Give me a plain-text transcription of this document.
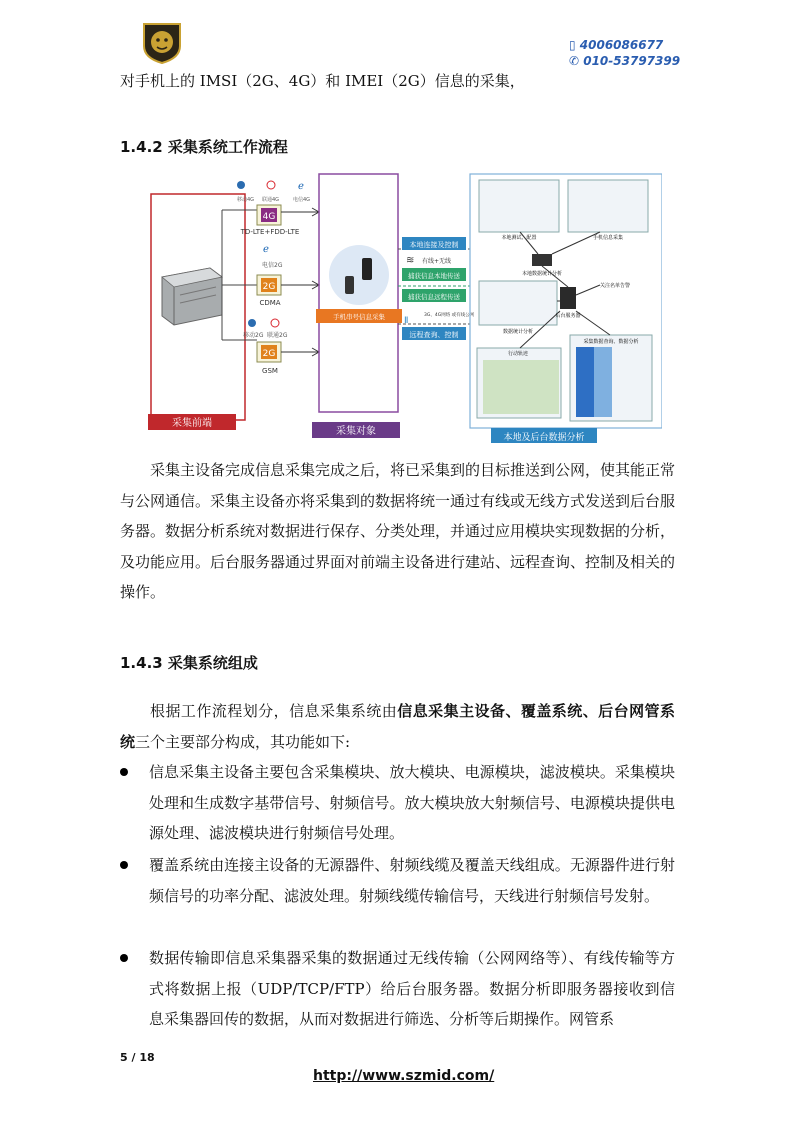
▯ 4006086677
✆ 010-53797399
对手机上的 IMSI（2G、4G）和 IMEI（2G）信息的采集，
1.4.2 采集系统工作流程
采集前端
ℯ
移动4G 联通4G	电信4G
4G
TD-LTE+FDD-LTE
ℯ
电信2G
2G
CDMA
移动2G 联通2G
2G
GSM
采集对象
手机串号信息采集
本地连接及控制
≋ 有线+无线
捕获信息本地传送
捕获信息远程传送
Ⅱ
3G、4G网络 或有线公网
远程查询、控制
本地及后台数据分析
本地测试、配置	手机信息采集
本地数据统计分析
数据统计分析
后台服务器
关注名单告警
行动轨迹
采集数据查询、数据分析
采集主设备完成信息采集完成之后，将已采集到的目标推送到公网，使其能正常与公网通信。采集主设备亦将采集到的数据将统一通过有线或无线方式发送到后台服务器。数据分析系统对数据进行保存、分类处理，并通过应用模块实现数据的分析，及功能应用。后台服务器通过界面对前端主设备进行建站、远程查询、控制及相关的操作。
1.4.3 采集系统组成
根据工作流程划分，信息采集系统由信息采集主设备、覆盖系统、后台网管系统三个主要部分构成，其功能如下:
信息采集主设备主要包含采集模块、放大模块、电源模块，滤波模块。采集模块处理和生成数字基带信号、射频信号。放大模块放大射频信号、电源模块提供电源处理、滤波模块进行射频信号处理。
覆盖系统由连接主设备的无源器件、射频线缆及覆盖天线组成。无源器件进行射频信号的功率分配、滤波处理。射频线缆传输信号，天线进行射频信号发射。
数据传输即信息采集器采集的数据通过无线传输（公网网络等）、有线传输等方式将数据上报（UDP/TCP/FTP）给后台服务器。数据分析即服务器接收到信息采集器回传的数据，从而对数据进行筛选、分析等后期操作。网管系
5 / 18
http://www.szmid.com/
